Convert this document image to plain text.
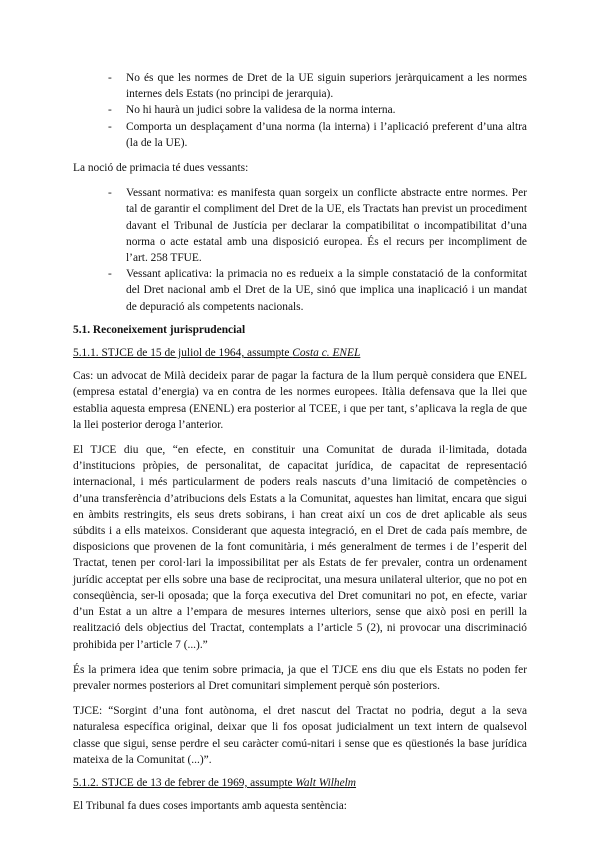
- No és que les normes de Dret de la UE siguin superiors jeràrquicament a les normes internes dels Estats (no principi de jerarquia).
- No hi haurà un judici sobre la validesa de la norma interna.
- Comporta un desplaçament d’una norma (la interna) i l’aplicació preferent d’una altra (la de la UE).

La noció de primacia té dues vessants:

- Vessant normativa: es manifesta quan sorgeix un conflicte abstracte entre normes. Per tal de garantir el compliment del Dret de la UE, els Tractats han previst un procediment davant el Tribunal de Justícia per declarar la compatibilitat o incompatibilitat d’una norma o acte estatal amb una disposició europea. És el recurs per incompliment de l’art. 258 TFUE.
- Vessant aplicativa: la primacia no es redueix a la simple constatació de la conformitat del Dret nacional amb el Dret de la UE, sinó que implica una inaplicació i un mandat de depuració als competents nacionals.

5.1. Reconeixement jurisprudencial

5.1.1. STJCE de 15 de juliol de 1964, assumpte Costa c. ENEL

Cas: un advocat de Milà decideix parar de pagar la factura de la llum perquè considera que ENEL (empresa estatal d’energia) va en contra de les normes europees. Itàlia defensava que la llei que establia aquesta empresa (ENENL) era posterior al TCEE, i que per tant, s’aplicava la regla de que la llei posterior deroga l’anterior.

El TJCE diu que, “en efecte, en constituir una Comunitat de durada il·limitada, dotada d’institucions pròpies, de personalitat, de capacitat jurídica, de capacitat de representació internacional, i més particularment de poders reals nascuts d’una limitació de competències o d’una transferència d’atribucions dels Estats a la Comunitat, aquestes han limitat, encara que sigui en àmbits restringits, els seus drets sobirans, i han creat així un cos de dret aplicable als seus súbdits i a ells mateixos. Considerant que aquesta integració, en el Dret de cada país membre, de disposicions que provenen de la font comunitària, i més generalment de termes i de l’esperit del Tractat, tenen per corol·lari la impossibilitat per als Estats de fer prevaler, contra un ordenament jurídic acceptat per ells sobre una base de reciprocitat, una mesura unilateral ulterior, que no pot en conseqüència, ser-li oposada; que la força executiva del Dret comunitari no pot, en efecte, variar d’un Estat a un altre a l’empara de mesures internes ulteriors, sense que això posi en perill la realització dels objectius del Tractat, contemplats a l’article 5 (2), ni provocar una discriminació prohibida per l’article 7 (...).”

És la primera idea que tenim sobre primacia, ja que el TJCE ens diu que els Estats no poden fer prevaler normes posteriors al Dret comunitari simplement perquè són posteriors.

TJCE: “Sorgint d’una font autònoma, el dret nascut del Tractat no podria, degut a la seva naturalesa específica original, deixar que li fos oposat judicialment un text intern de qualsevol classe que sigui, sense perdre el seu caràcter comú-nitari i sense que es qüestionés la base jurídica mateixa de la Comunitat (...)”.

5.1.2. STJCE de 13 de febrer de 1969, assumpte Walt Wilhelm

El Tribunal fa dues coses importants amb aquesta sentència:
